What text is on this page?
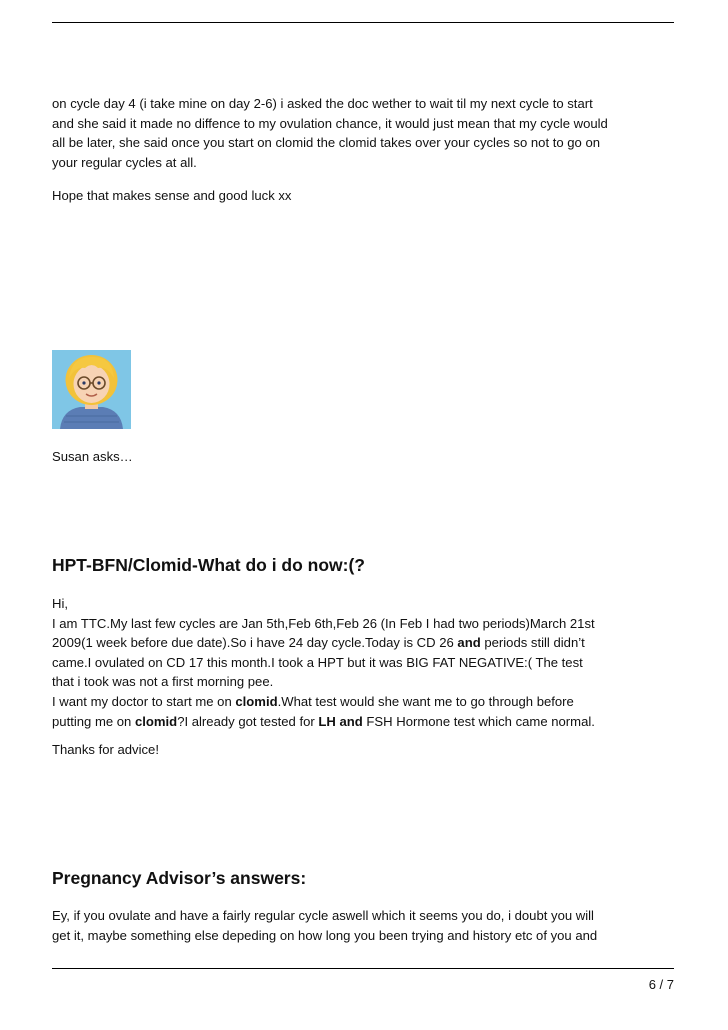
on cycle day 4 (i take mine on day 2-6) i asked the doc wether to wait til my next cycle to start
and she said it made no diffence to my ovulation chance, it would just mean that my cycle would
all be later, she said once you start on clomid the clomid takes over your cycles so not to go on
your regular cycles at all.

Hope that makes sense and good luck xx

Susan asks…

HPT-BFN/Clomid-What do i do now:(?

Hi,
I am TTC.My last few cycles are Jan 5th,Feb 6th,Feb 26 (In Feb I had two periods)March 21st
2009(1 week before due date).So i have 24 day cycle.Today is CD 26 and periods still didn’t
came.I ovulated on CD 17 this month.I took a HPT but it was BIG FAT NEGATIVE:( The test
that i took was not a first morning pee.
I want my doctor to start me on clomid.What test would she want me to go through before
putting me on clomid?I already got tested for LH and FSH Hormone test which came normal.

Thanks for advice!

Pregnancy Advisor’s answers:

Ey, if you ovulate and have a fairly regular cycle aswell which it seems you do, i doubt you will
get it, maybe something else depeding on how long you been trying and history etc of you and

6 / 7
